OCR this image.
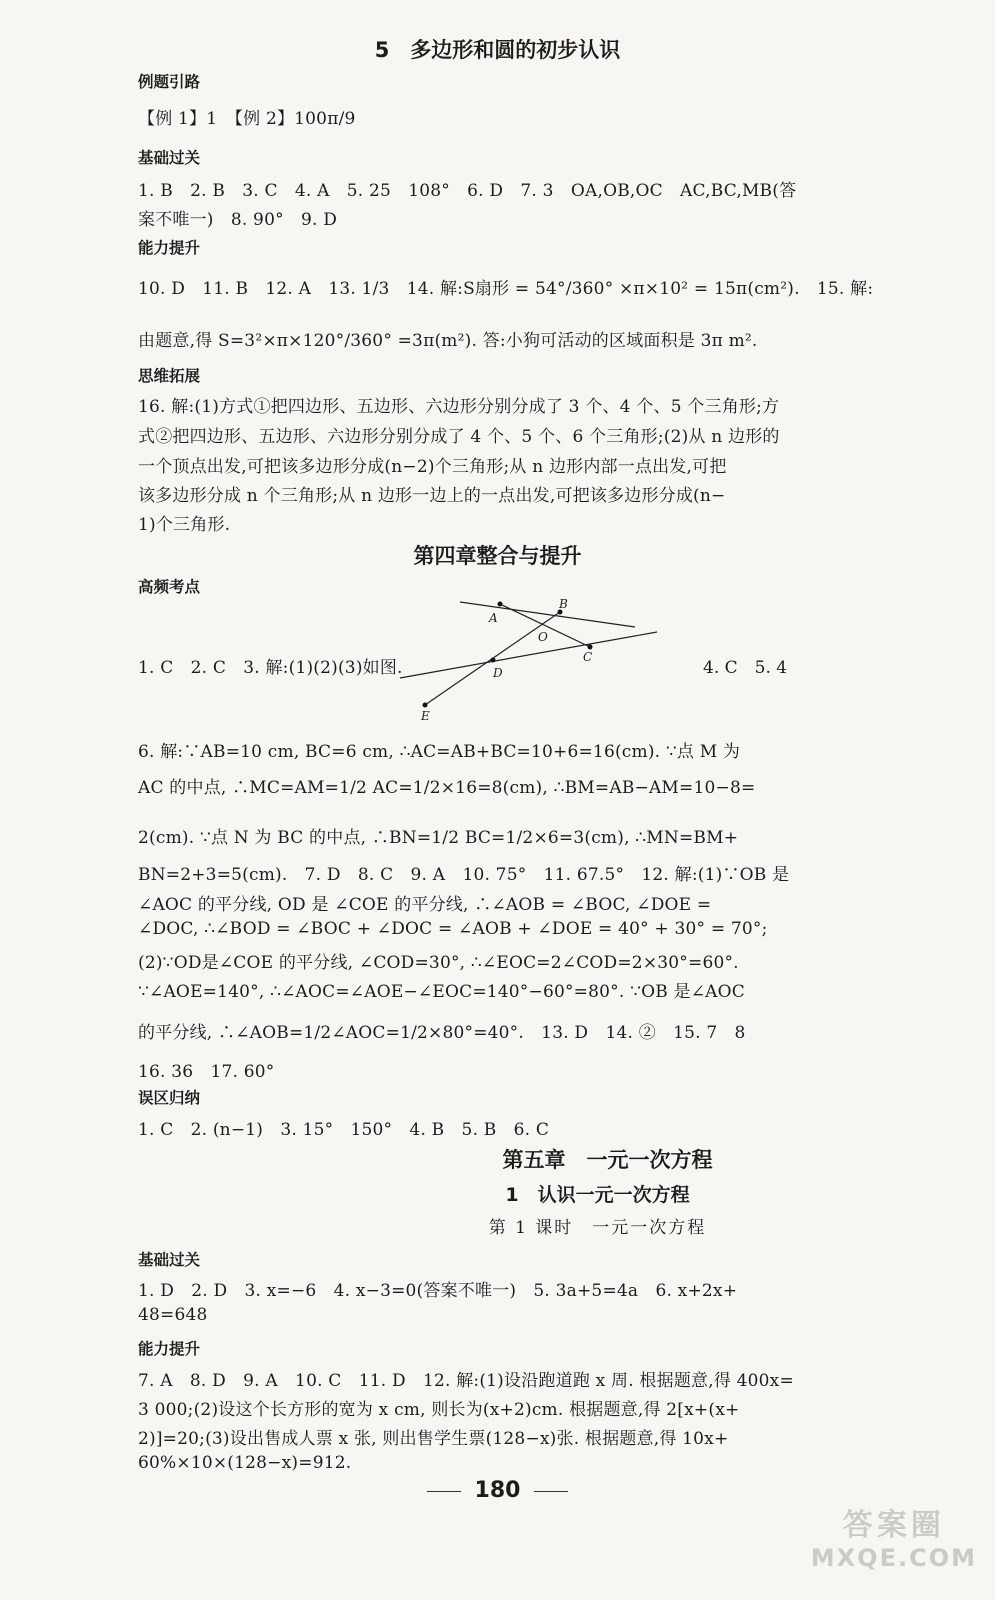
5　多边形和圆的初步认识
例题引路
【例 1】1　【例 2】100π/9
基础过关
1. B　2. B　3. C　4. A　5. 25　108°　6. D　7. 3　OA,OB,OC　AC,BC,MB(答
案不唯一)　8. 90°　9. D
能力提升
10. D　11. B　12. A　13. 1/3　14. 解:S扇形 = 54°/360° ×π×10² = 15π(cm²).　15. 解:
由题意,得 S=3²×π×120°/360° =3π(m²). 答:小狗可活动的区域面积是 3π m².
思维拓展
16. 解:(1)方式①把四边形、五边形、六边形分别分成了 3 个、4 个、5 个三角形;方
式②把四边形、五边形、六边形分别分成了 4 个、5 个、6 个三角形;(2)从 n 边形的
一个顶点出发,可把该多边形分成(n−2)个三角形;从 n 边形内部一点出发,可把
该多边形分成 n 个三角形;从 n 边形一边上的一点出发,可把该多边形分成(n−
1)个三角形.
第四章整合与提升
高频考点
A
B
O
C
D
E
1. C　2. C　3. 解:(1)(2)(3)如图.	4. C　5. 4
6. 解:∵AB=10 cm, BC=6 cm, ∴AC=AB+BC=10+6=16(cm). ∵点 M 为
AC 的中点, ∴MC=AM=1/2 AC=1/2×16=8(cm), ∴BM=AB−AM=10−8=
2(cm). ∵点 N 为 BC 的中点, ∴BN=1/2 BC=1/2×6=3(cm), ∴MN=BM+
BN=2+3=5(cm).　7. D　8. C　9. A　10. 75°　11. 67.5°　12. 解:(1)∵OB 是
∠AOC 的平分线, OD 是 ∠COE 的平分线, ∴∠AOB = ∠BOC, ∠DOE =
∠DOC, ∴∠BOD = ∠BOC + ∠DOC = ∠AOB + ∠DOE = 40° + 30° = 70°;
(2)∵OD是∠COE 的平分线, ∠COD=30°, ∴∠EOC=2∠COD=2×30°=60°.
∵∠AOE=140°, ∴∠AOC=∠AOE−∠EOC=140°−60°=80°. ∵OB 是∠AOC
的平分线, ∴∠AOB=1/2∠AOC=1/2×80°=40°.　13. D　14. ②　15. 7　8
16. 36　17. 60°
误区归纳
1. C　2. (n−1)　3. 15°　150°　4. B　5. B　6. C
第五章　一元一次方程
1　认识一元一次方程
第 1 课时　一元一次方程
基础过关
1. D　2. D　3. x=−6　4. x−3=0(答案不唯一)　5. 3a+5=4a　6. x+2x+
48=648
能力提升
7. A　8. D　9. A　10. C　11. D　12. 解:(1)设沿跑道跑 x 周. 根据题意,得 400x=
3 000;(2)设这个长方形的宽为 x cm, 则长为(x+2)cm. 根据题意,得 2[x+(x+
2)]=20;(3)设出售成人票 x 张, 则出售学生票(128−x)张. 根据题意,得 10x+
60%×10×(128−x)=912.
180
答案圈
MXQE.COM
